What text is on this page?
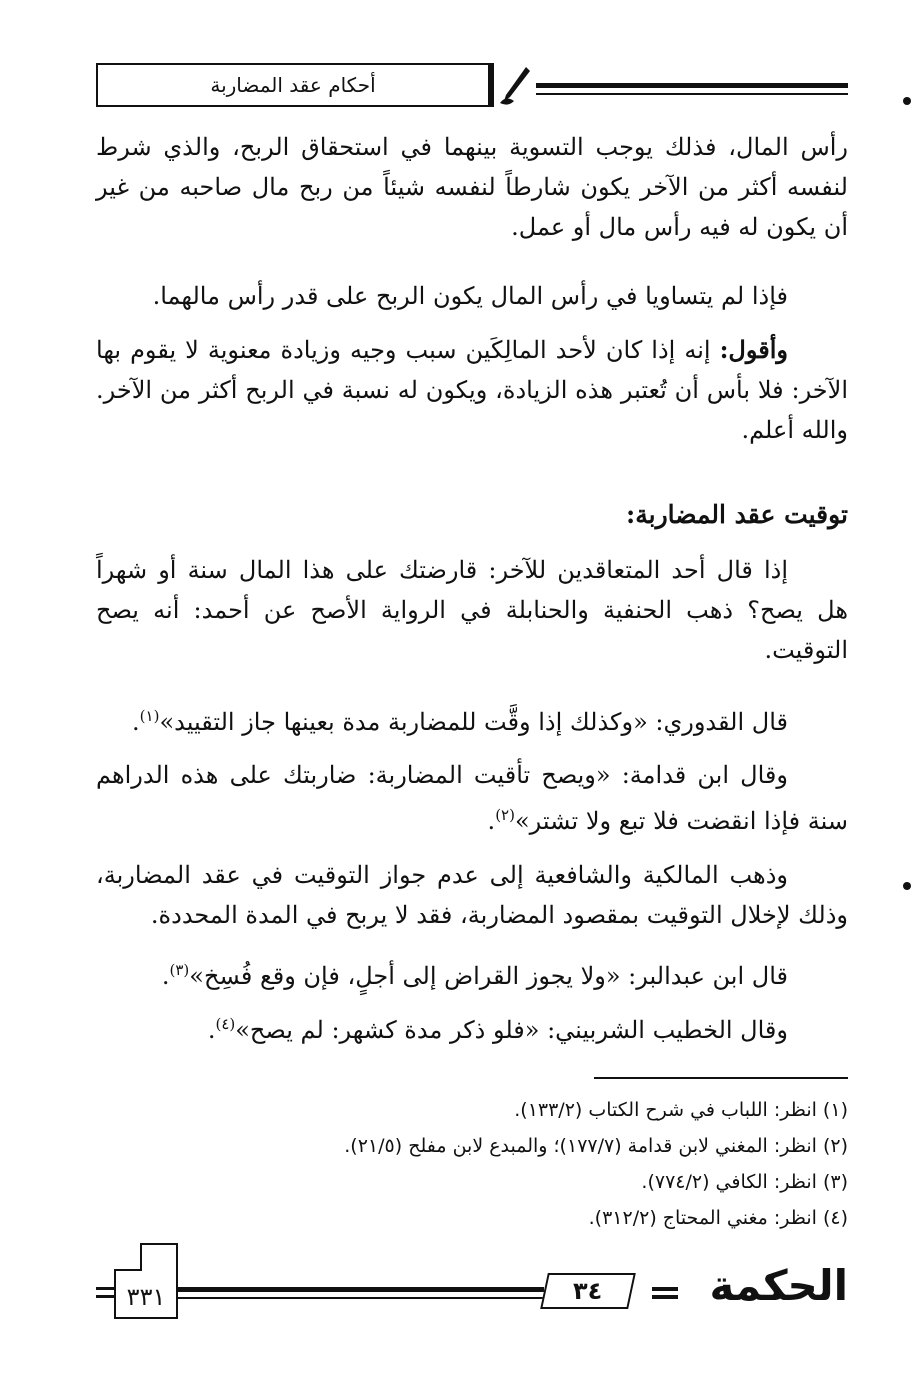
أحكام عقد المضاربة

رأس المال، فذلك يوجب التسوية بينهما في استحقاق الربح، والذي شرط لنفسه أكثر من الآخر يكون شارطاً لنفسه شيئاً من ربح مال صاحبه من غير أن يكون له فيه رأس مال أو عمل.

فإذا لم يتساويا في رأس المال يكون الربح على قدر رأس مالهما.

وأقول: إنه إذا كان لأحد المالِكَين سبب وجيه وزيادة معنوية لا يقوم بها الآخر: فلا بأس أن تُعتبر هذه الزيادة، ويكون له نسبة في الربح أكثر من الآخر. والله أعلم.

توقيت عقد المضاربة:

إذا قال أحد المتعاقدين للآخر: قارضتك على هذا المال سنة أو شهراً هل يصح؟ ذهب الحنفية والحنابلة في الرواية الأصح عن أحمد: أنه يصح التوقيت.

قال القدوري: «وكذلك إذا وقَّت للمضاربة مدة بعينها جاز التقييد»$^{(١)}$.

وقال ابن قدامة: «ويصح تأقيت المضاربة: ضاربتك على هذه الدراهم سنة فإذا انقضت فلا تبع ولا تشتر»$^{(٢)}$.

وذهب المالكية والشافعية إلى عدم جواز التوقيت في عقد المضاربة، وذلك لإخلال التوقيت بمقصود المضاربة، فقد لا يربح في المدة المحددة.

قال ابن عبدالبر: «ولا يجوز القراض إلى أجلٍ، فإن وقع فُسِخ»$^{(٣)}$.

وقال الخطيب الشربيني: «فلو ذكر مدة كشهر: لم يصح»$^{(٤)}$.

(١) انظر: اللباب في شرح الكتاب (١٣٣/٢).
(٢) انظر: المغني لابن قدامة (١٧٧/٧)؛ والمبدع لابن مفلح (٢١/٥).
(٣) انظر: الكافي (٧٧٤/٢).
(٤) انظر: مغني المحتاج (٣١٢/٢).
٣٣١	٣٤	الحكمة
